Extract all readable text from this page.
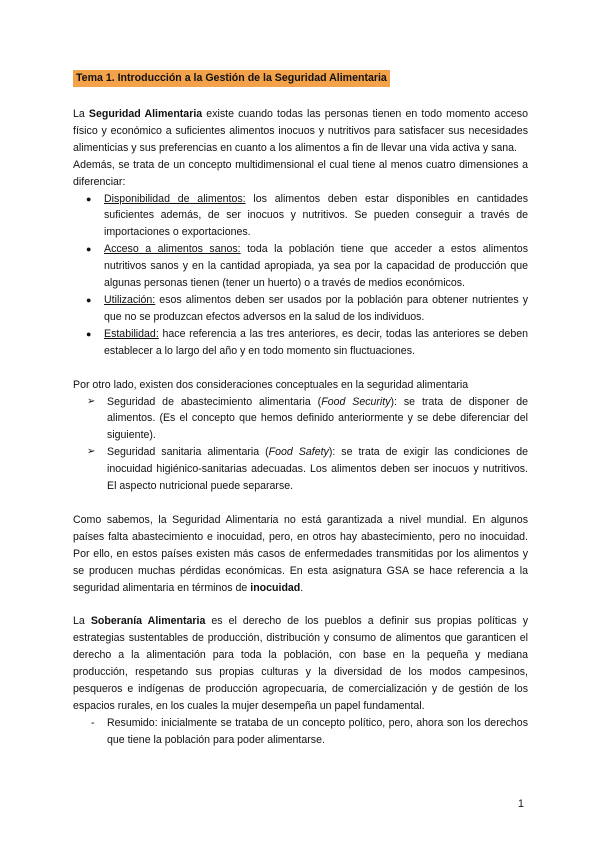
Tema 1. Introducción a la Gestión de la Seguridad Alimentaria

La Seguridad Alimentaria existe cuando todas las personas tienen en todo momento acceso físico y económico a suficientes alimentos inocuos y nutritivos para satisfacer sus necesidades alimenticias y sus preferencias en cuanto a los alimentos a fin de llevar una vida activa y sana.

Además, se trata de un concepto multidimensional el cual tiene al menos cuatro dimensiones a diferenciar:

● Disponibilidad de alimentos: los alimentos deben estar disponibles en cantidades suficientes además, de ser inocuos y nutritivos. Se pueden conseguir a través de importaciones o exportaciones.
● Acceso a alimentos sanos: toda la población tiene que acceder a estos alimentos nutritivos sanos y en la cantidad apropiada, ya sea por la capacidad de producción que algunas personas tienen (tener un huerto) o a través de medios económicos.
● Utilización: esos alimentos deben ser usados por la población para obtener nutrientes y que no se produzcan efectos adversos en la salud de los individuos.
● Estabilidad: hace referencia a las tres anteriores, es decir, todas las anteriores se deben establecer a lo largo del año y en todo momento sin fluctuaciones.

Por otro lado, existen dos consideraciones conceptuales en la seguridad alimentaria

➢ Seguridad de abastecimiento alimentaria (Food Security): se trata de disponer de alimentos. (Es el concepto que hemos definido anteriormente y se debe diferenciar del siguiente).
➢ Seguridad sanitaria alimentaria (Food Safety): se trata de exigir las condiciones de inocuidad higiénico-sanitarias adecuadas. Los alimentos deben ser inocuos y nutritivos. El aspecto nutricional puede separarse.

Como sabemos, la Seguridad Alimentaria no está garantizada a nivel mundial. En algunos países falta abastecimiento e inocuidad, pero, en otros hay abastecimiento, pero no inocuidad. Por ello, en estos países existen más casos de enfermedades transmitidas por los alimentos y se producen muchas pérdidas económicas. En esta asignatura GSA se hace referencia a la seguridad alimentaria en términos de inocuidad.

La Soberanía Alimentaria es el derecho de los pueblos a definir sus propias políticas y estrategias sustentables de producción, distribución y consumo de alimentos que garanticen el derecho a la alimentación para toda la población, con base en la pequeña y mediana producción, respetando sus propias culturas y la diversidad de los modos campesinos, pesqueros e indígenas de producción agropecuaria, de comercialización y de gestión de los espacios rurales, en los cuales la mujer desempeña un papel fundamental.

- Resumido: inicialmente se trataba de un concepto político, pero, ahora son los derechos que tiene la población para poder alimentarse.
1
